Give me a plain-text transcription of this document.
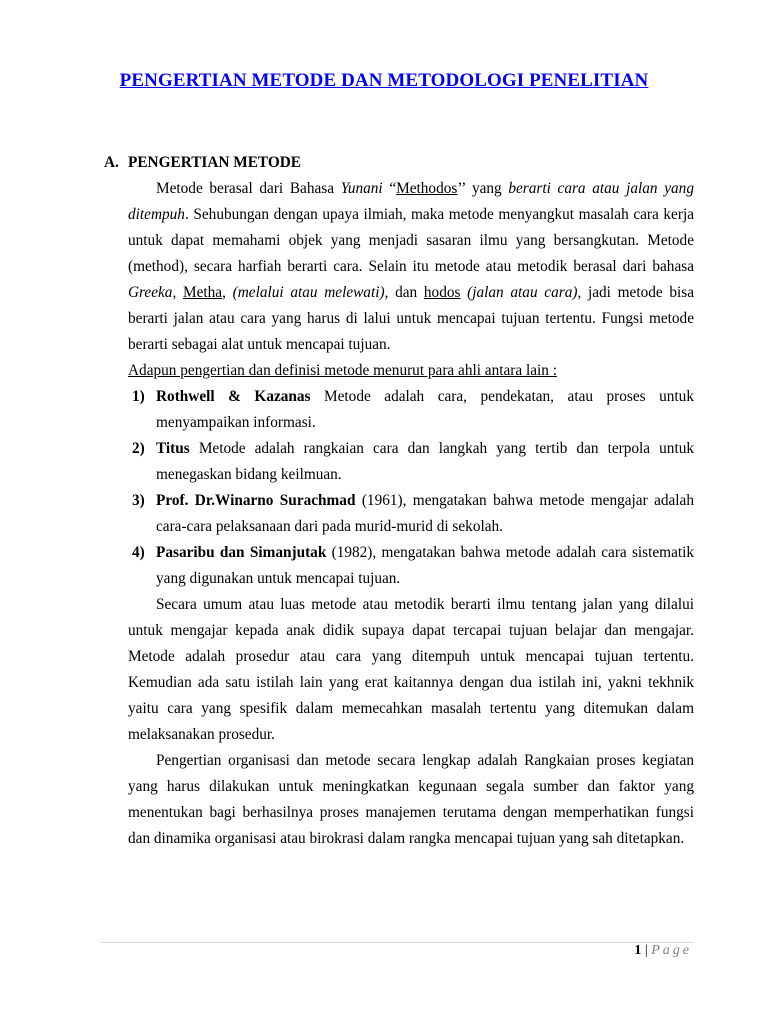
PENGERTIAN METODE DAN METODOLOGI PENELITIAN
A. PENGERTIAN METODE

Metode berasal dari Bahasa Yunani “Methodos’’ yang berarti cara atau jalan yang ditempuh. Sehubungan dengan upaya ilmiah, maka metode menyangkut masalah cara kerja untuk dapat memahami objek yang menjadi sasaran ilmu yang bersangkutan. Metode (method), secara harfiah berarti cara. Selain itu metode atau metodik berasal dari bahasa Greeka, Metha, (melalui atau melewati), dan hodos (jalan atau cara), jadi metode bisa berarti jalan atau cara yang harus di lalui untuk mencapai tujuan tertentu. Fungsi metode berarti sebagai alat untuk mencapai tujuan.

Adapun pengertian dan definisi metode menurut para ahli antara lain :

1) Rothwell & Kazanas Metode adalah cara, pendekatan, atau proses untuk menyampaikan informasi.
2) Titus Metode adalah rangkaian cara dan langkah yang tertib dan terpola untuk menegaskan bidang keilmuan.
3) Prof. Dr.Winarno Surachmad (1961), mengatakan bahwa metode mengajar adalah cara-cara pelaksanaan dari pada murid-murid di sekolah.
4) Pasaribu dan Simanjutak (1982), mengatakan bahwa metode adalah cara sistematik yang digunakan untuk mencapai tujuan.

Secara umum atau luas metode atau metodik berarti ilmu tentang jalan yang dilalui untuk mengajar kepada anak didik supaya dapat tercapai tujuan belajar dan mengajar. Metode adalah prosedur atau cara yang ditempuh untuk mencapai tujuan tertentu. Kemudian ada satu istilah lain yang erat kaitannya dengan dua istilah ini, yakni tekhnik yaitu cara yang spesifik dalam memecahkan masalah tertentu yang ditemukan dalam melaksanakan prosedur.

Pengertian organisasi dan metode secara lengkap adalah Rangkaian proses kegiatan yang harus dilakukan untuk meningkatkan kegunaan segala sumber dan faktor yang menentukan bagi berhasilnya proses manajemen terutama dengan memperhatikan fungsi dan dinamika organisasi atau birokrasi dalam rangka mencapai tujuan yang sah ditetapkan.

1 | Page
